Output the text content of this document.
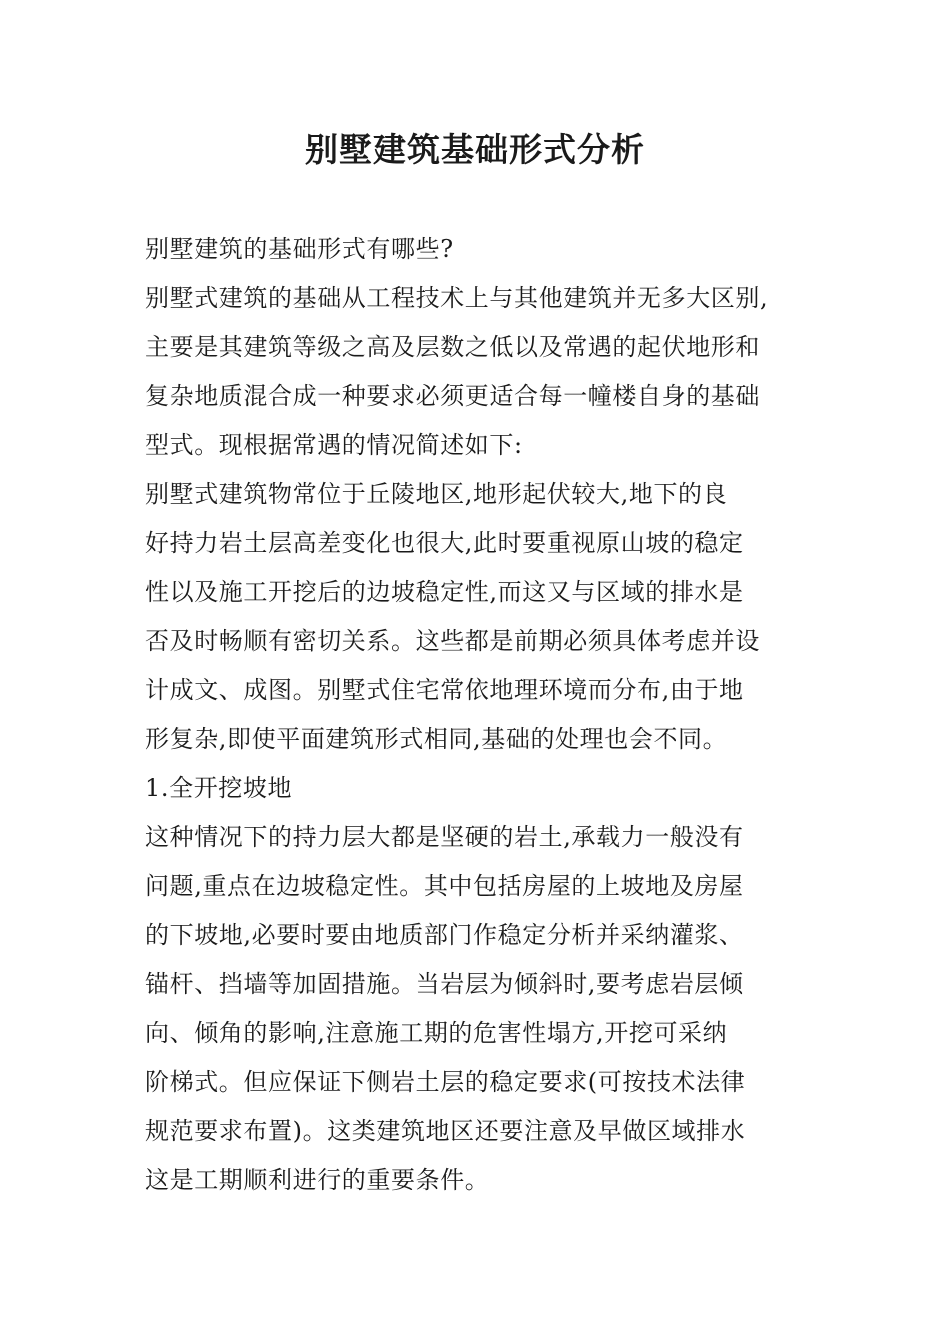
别墅建筑基础形式分析
别墅建筑的基础形式有哪些?
别墅式建筑的基础从工程技术上与其他建筑并无多大区别,
主要是其建筑等级之高及层数之低以及常遇的起伏地形和
复杂地质混合成一种要求必须更适合每一幢楼自身的基础
型式。现根据常遇的情况简述如下:
别墅式建筑物常位于丘陵地区,地形起伏较大,地下的良
好持力岩土层高差变化也很大,此时要重视原山坡的稳定
性以及施工开挖后的边坡稳定性,而这又与区域的排水是
否及时畅顺有密切关系。这些都是前期必须具体考虑并设
计成文、成图。别墅式住宅常依地理环境而分布,由于地
形复杂,即使平面建筑形式相同,基础的处理也会不同。
1.全开挖坡地
这种情况下的持力层大都是坚硬的岩土,承载力一般没有
问题,重点在边坡稳定性。其中包括房屋的上坡地及房屋
的下坡地,必要时要由地质部门作稳定分析并采纳灌浆、
锚杆、挡墙等加固措施。当岩层为倾斜时,要考虑岩层倾
向、倾角的影响,注意施工期的危害性塌方,开挖可采纳
阶梯式。但应保证下侧岩土层的稳定要求(可按技术法律
规范要求布置)。这类建筑地区还要注意及早做区域排水
这是工期顺利进行的重要条件。
